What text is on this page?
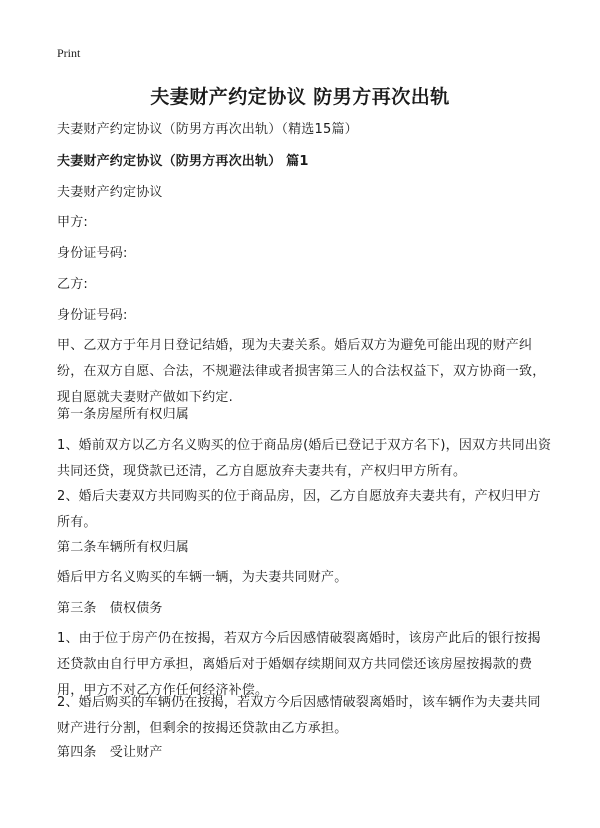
Print
夫妻财产约定协议 防男方再次出轨
夫妻财产约定协议（防男方再次出轨）（精选15篇）
夫妻财产约定协议（防男方再次出轨） 篇1
夫妻财产约定协议
甲方:
身份证号码:
乙方:
身份证号码:
甲、乙双方于年月日登记结婚，现为夫妻关系。婚后双方为避免可能出现的财产纠纷，在双方自愿、合法，不规避法律或者损害第三人的合法权益下，双方协商一致，现自愿就夫妻财产做如下约定.
第一条房屋所有权归属
1、婚前双方以乙方名义购买的位于商品房(婚后已登记于双方名下)，因双方共同出资共同还贷，现贷款已还清，乙方自愿放弃夫妻共有，产权归甲方所有。
2、婚后夫妻双方共同购买的位于商品房，因，乙方自愿放弃夫妻共有，产权归甲方所有。
第二条车辆所有权归属
婚后甲方名义购买的车辆一辆，为夫妻共同财产。
第三条　债权债务
1、由于位于房产仍在按揭，若双方今后因感情破裂离婚时，该房产此后的银行按揭还贷款由自行甲方承担，离婚后对于婚姻存续期间双方共同偿还该房屋按揭款的费用，甲方不对乙方作任何经济补偿。
2、婚后购买的车辆仍在按揭，若双方今后因感情破裂离婚时，该车辆作为夫妻共同财产进行分割，但剩余的按揭还贷款由乙方承担。
第四条　受让财产
